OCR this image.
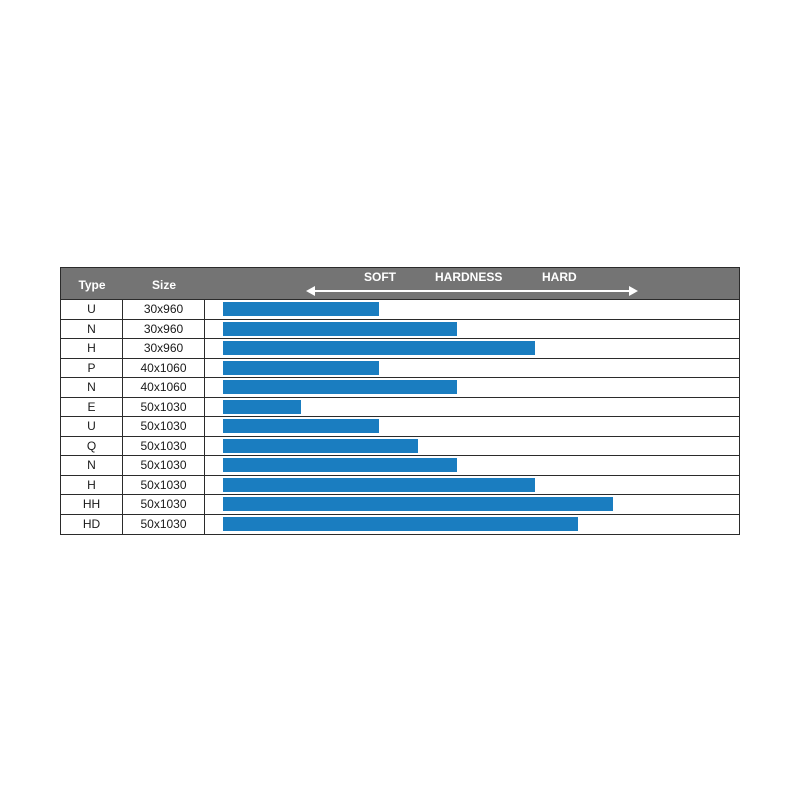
Type	Size
SOFT	HARDNESS	HARD
U	30x960
N	30x960
H	30x960
P	40x1060
N	40x1060
E	50x1030
U	50x1030
Q	50x1030
N	50x1030
H	50x1030
HH	50x1030
HD	50x1030
